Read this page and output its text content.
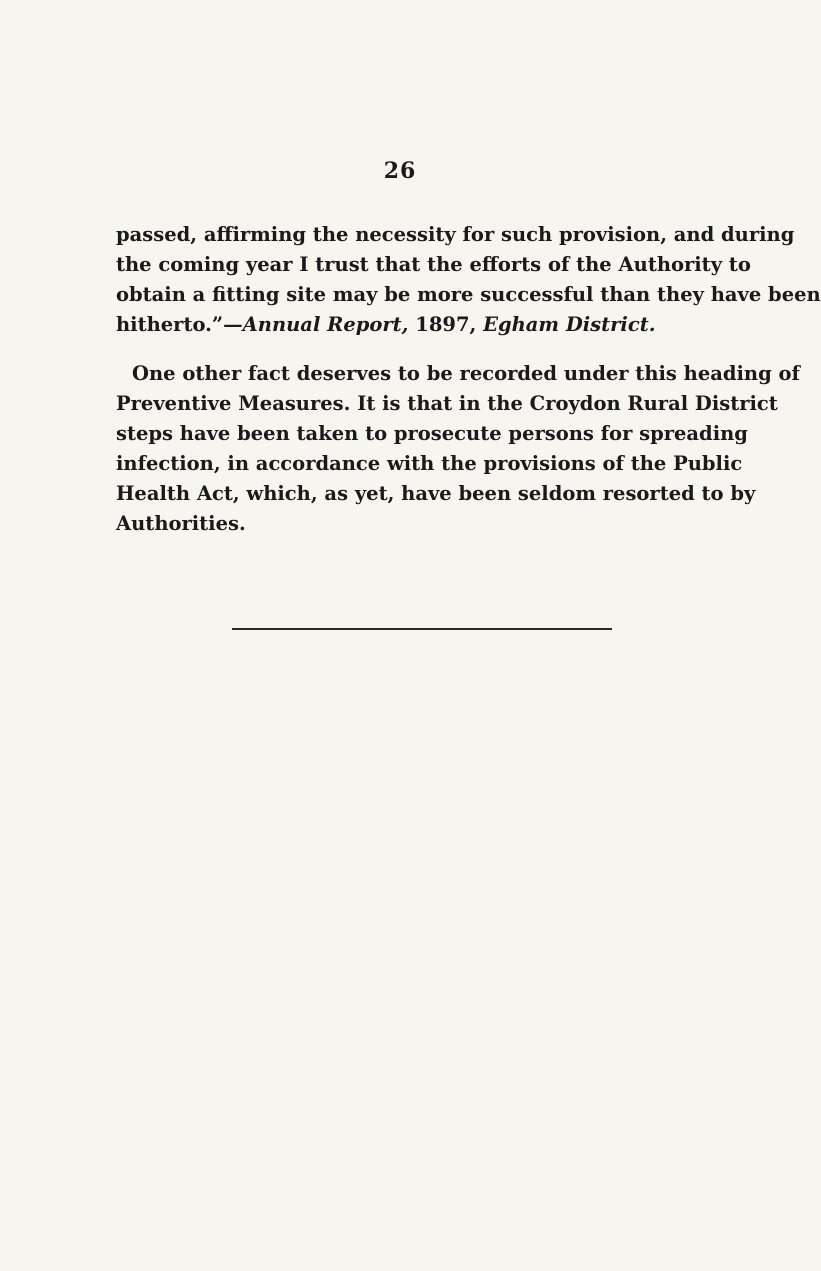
26
passed, affirming the necessity for such provision, and during
the coming year I trust that the efforts of the Authority to
obtain a fitting site may be more successful than they have been
hitherto.”—Annual Report, 1897, Egham District.
One other fact deserves to be recorded under this heading of
Preventive Measures. It is that in the Croydon Rural District
steps have been taken to prosecute persons for spreading
infection, in accordance with the provisions of the Public
Health Act, which, as yet, have been seldom resorted to by
Authorities.
